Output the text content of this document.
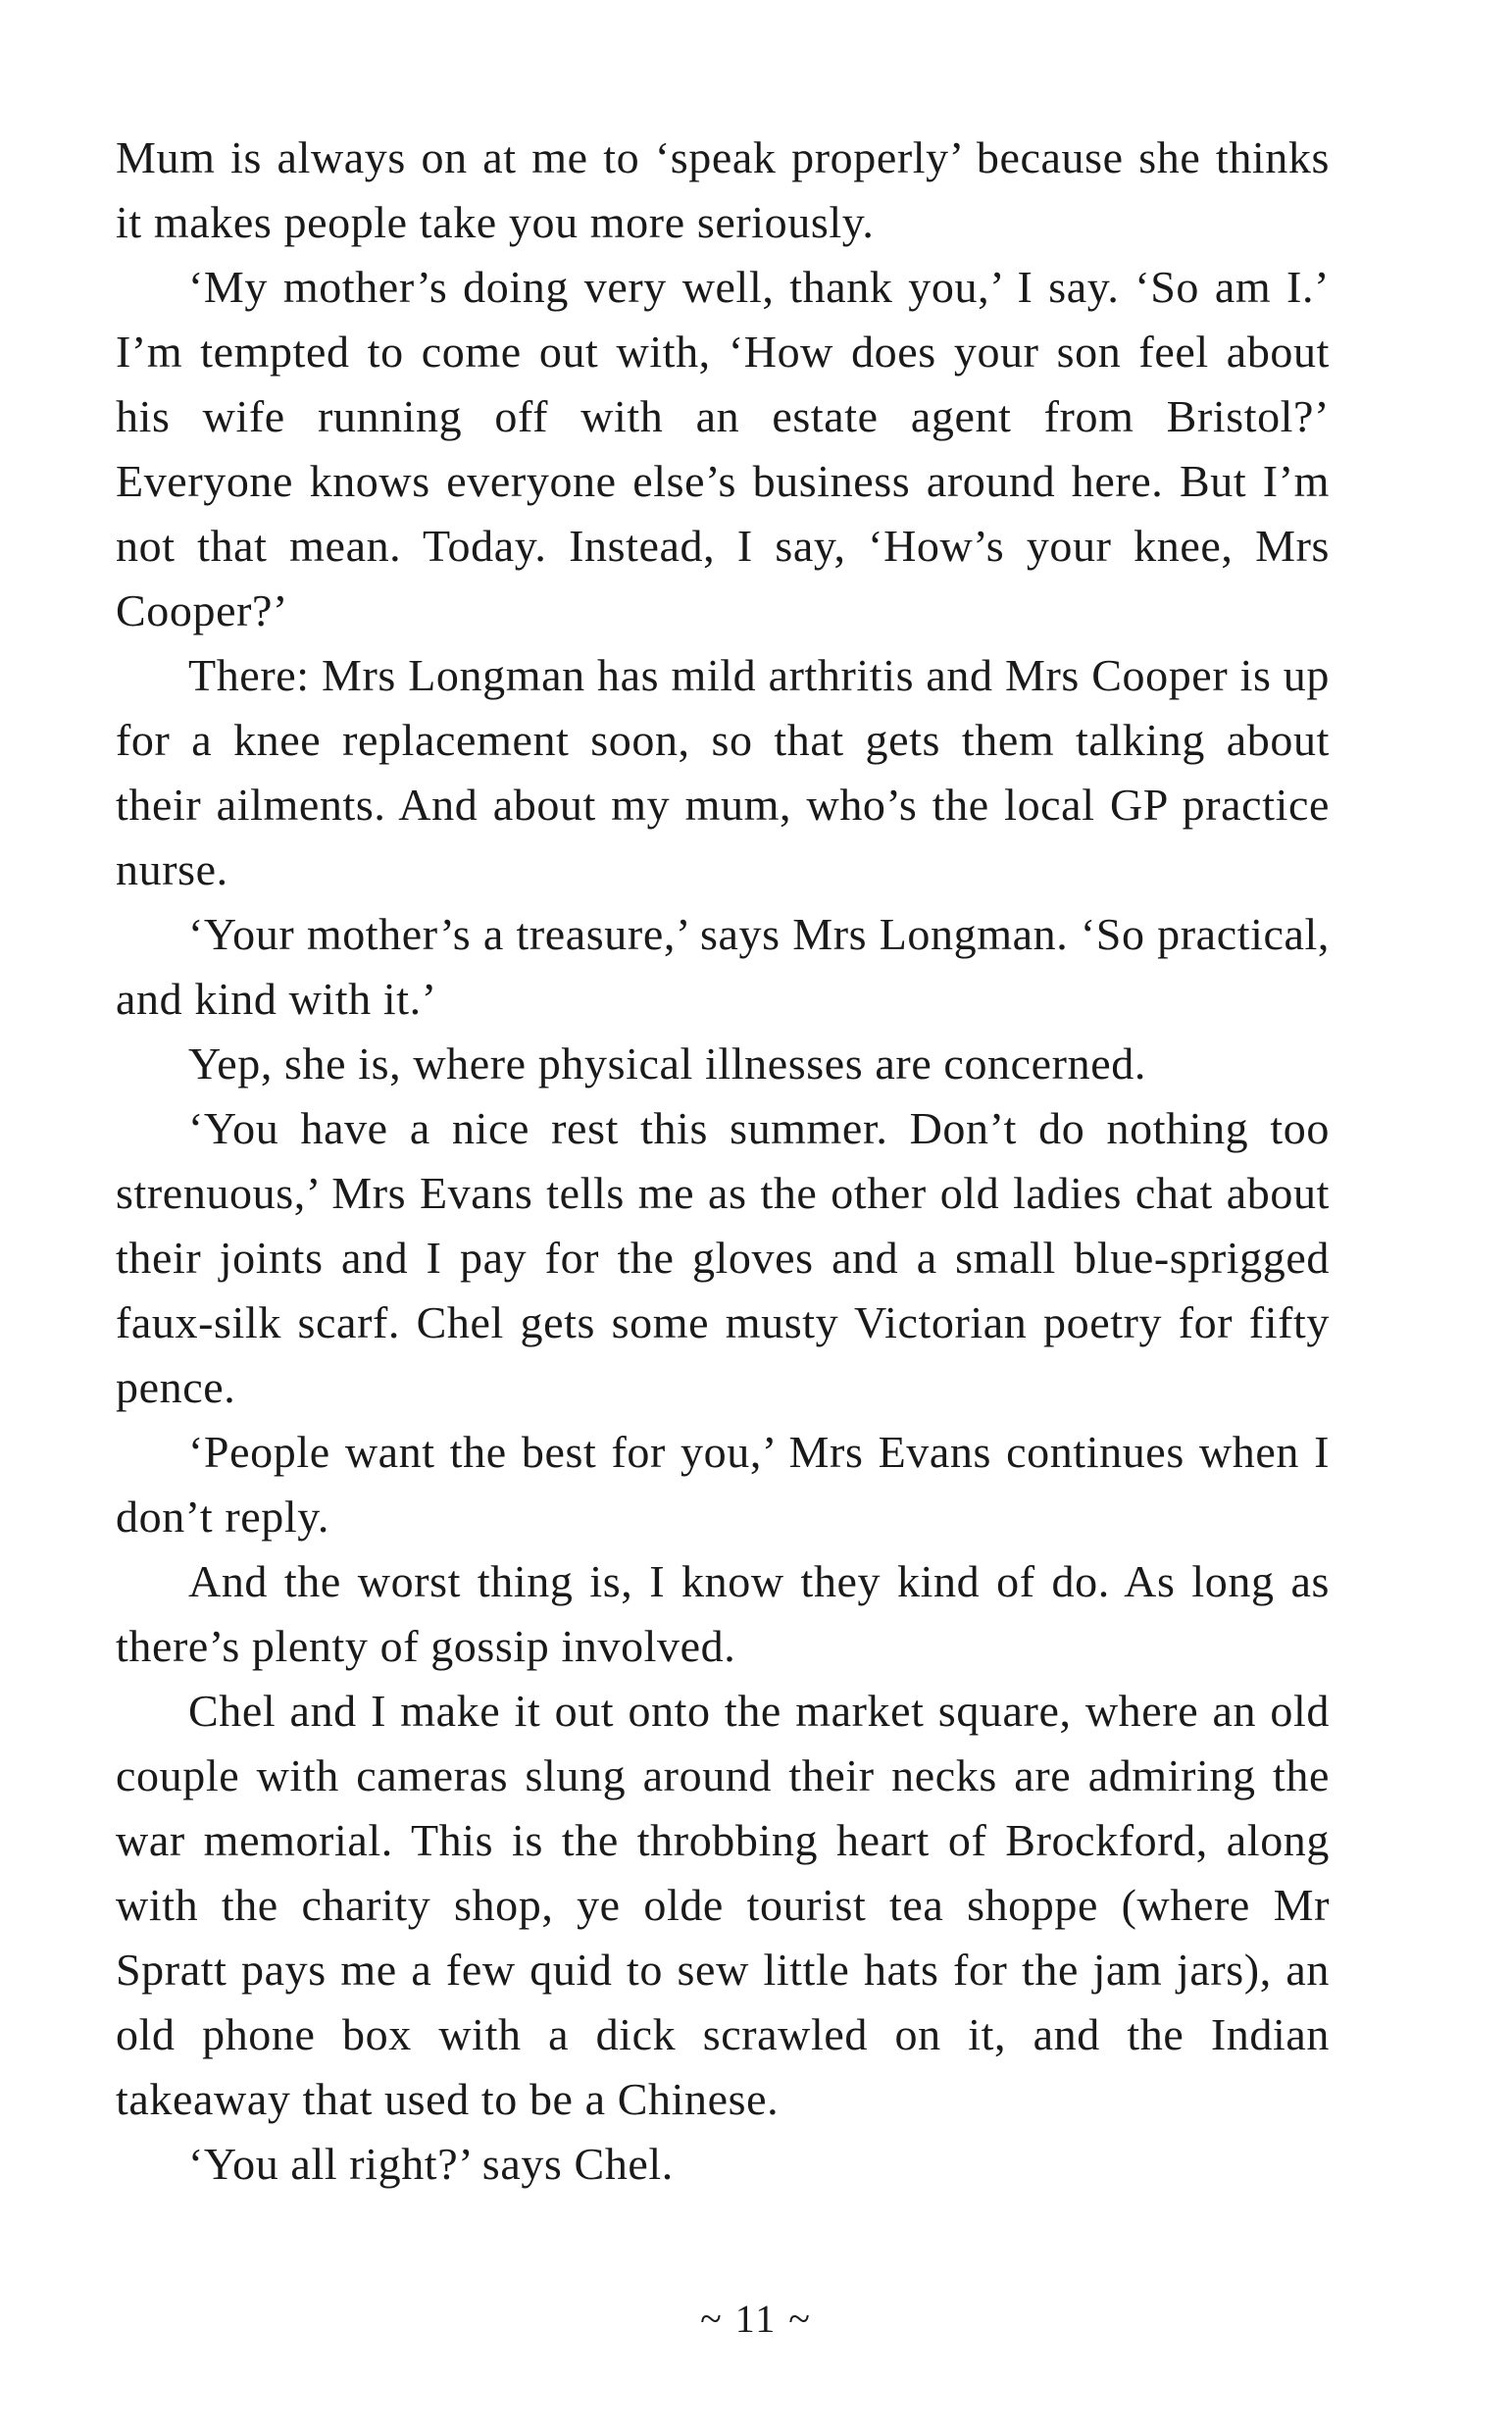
Mum is always on at me to ‘speak properly’ because she thinks it makes people take you more seriously.

‘My mother’s doing very well, thank you,’ I say. ‘So am I.’ I’m tempted to come out with, ‘How does your son feel about his wife running off with an estate agent from Bristol?’ Everyone knows everyone else’s business around here. But I’m not that mean. Today. Instead, I say, ‘How’s your knee, Mrs Cooper?’

There: Mrs Longman has mild arthritis and Mrs Cooper is up for a knee replacement soon, so that gets them talking about their ailments. And about my mum, who’s the local GP practice nurse.

‘Your mother’s a treasure,’ says Mrs Longman. ‘So practical, and kind with it.’

Yep, she is, where physical illnesses are concerned.

‘You have a nice rest this summer. Don’t do nothing too strenuous,’ Mrs Evans tells me as the other old ladies chat about their joints and I pay for the gloves and a small blue-sprigged faux-silk scarf. Chel gets some musty Victorian poetry for fifty pence.

‘People want the best for you,’ Mrs Evans continues when I don’t reply.

And the worst thing is, I know they kind of do. As long as there’s plenty of gossip involved.

Chel and I make it out onto the market square, where an old couple with cameras slung around their necks are admiring the war memorial. This is the throbbing heart of Brockford, along with the charity shop, ye olde tourist tea shoppe (where Mr Spratt pays me a few quid to sew little hats for the jam jars), an old phone box with a dick scrawled on it, and the Indian takeaway that used to be a Chinese.

‘You all right?’ says Chel.

~ 11 ~
